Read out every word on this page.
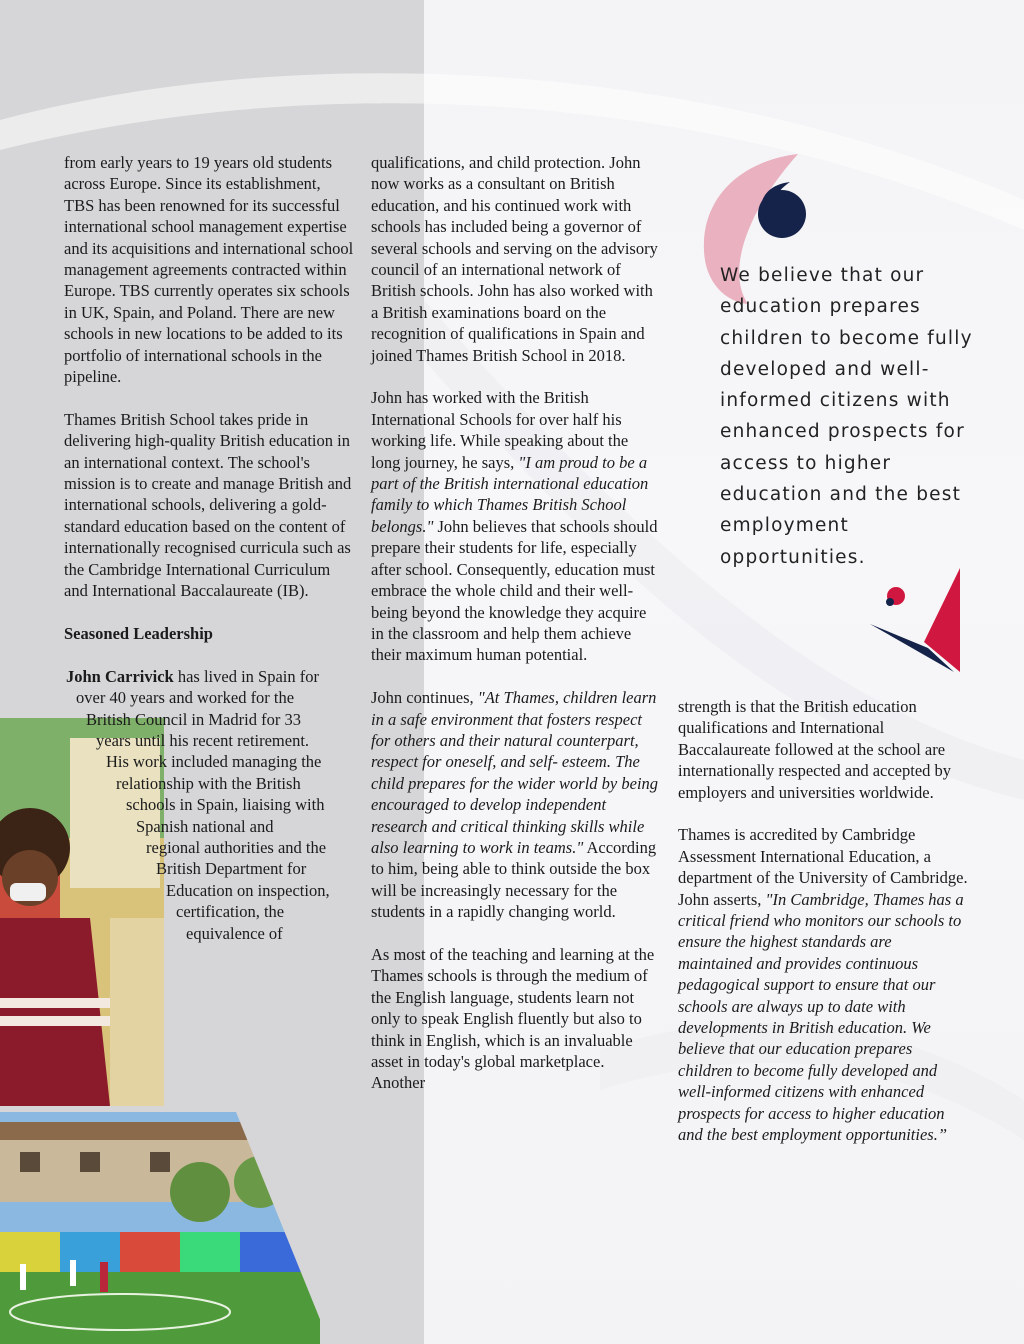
from early years to 19 years old students across Europe. Since its establishment, TBS has been renowned for its successful international school management expertise and its acquisitions and international school management agreements contracted within Europe. TBS currently operates six schools in UK, Spain, and Poland. There are new schools in new locations to be added to its portfolio of international schools in the pipeline.

Thames British School takes pride in delivering high-quality British education in an international context. The school's mission is to create and manage British and international schools, delivering a gold-standard education based on the content of internationally recognised curricula such as the Cambridge International Curriculum and International Baccalaureate (IB).

Seasoned Leadership

John Carrivick has lived in Spain for
over 40 years and worked for the
British Council in Madrid for 33
years until his recent retirement.
His work included managing the
relationship with the British
schools in Spain, liaising with
Spanish national and
regional authorities and the
British Department for
Education on inspection,
certification, the
equivalence of

qualifications, and child protection. John now works as a consultant on British education, and his continued work with schools has included being a governor of several schools and serving on the advisory council of an international network of British schools. John has also worked with a British examinations board on the recognition of qualifications in Spain and joined Thames British School in 2018.

John has worked with the British International Schools for over half his working life. While speaking about the long journey, he says, "I am proud to be a part of the British international education family to which Thames British School belongs." John believes that schools should prepare their students for life, especially after school. Consequently, education must embrace the whole child and their well-being beyond the knowledge they acquire in the classroom and help them achieve their maximum human potential.

John continues, "At Thames, children learn in a safe environment that fosters respect for others and their natural counterpart, respect for oneself, and self- esteem. The child prepares for the wider world by being encouraged to develop independent research and critical thinking skills while also learning to work in teams." According to him, being able to think outside the box will be increasingly necessary for the students in a rapidly changing world.

As most of the teaching and learning at the Thames schools is through the medium of the English language, students learn not only to speak English fluently but also to think in English, which is an invaluable asset in today's global marketplace. Another

We believe that our education prepares children to become fully developed and well-informed citizens with enhanced prospects for access to higher education and the best employment opportunities.

strength is that the British education qualifications and International Baccalaureate followed at the school are internationally respected and accepted by employers and universities worldwide.

Thames is accredited by Cambridge Assessment International Education, a department of the University of Cambridge. John asserts, "In Cambridge, Thames has a critical friend who monitors our schools to ensure the highest standards are maintained and provides continuous pedagogical support to ensure that our schools are always up to date with developments in British education. We believe that our education prepares children to become fully developed and well-informed citizens with enhanced prospects for access to higher education and the best employment opportunities.”
